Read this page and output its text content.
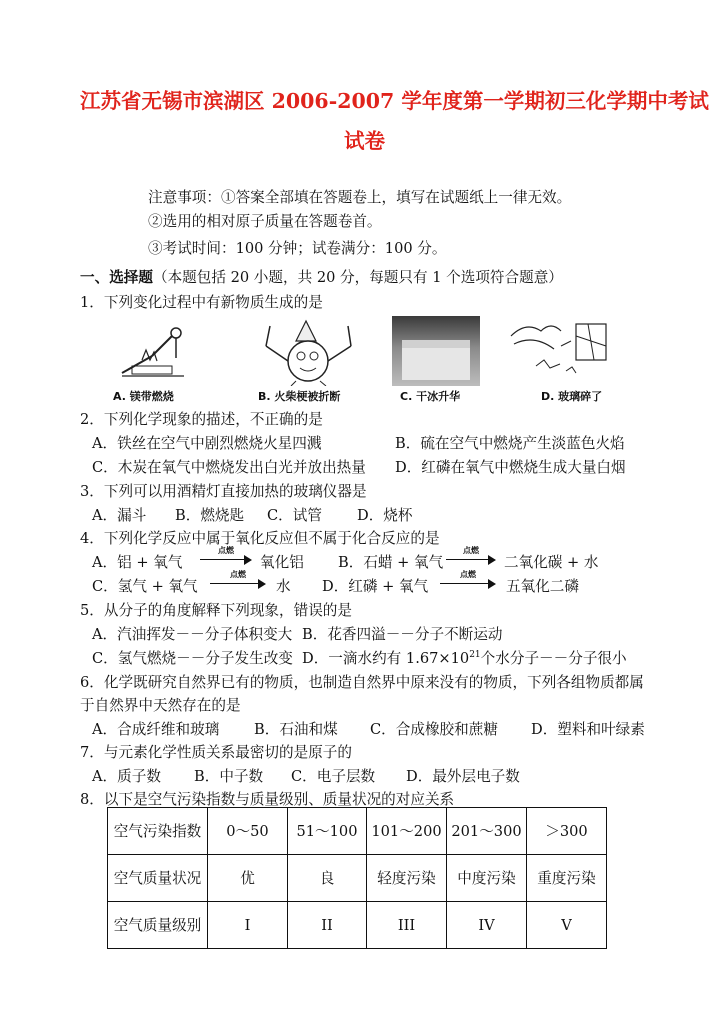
江苏省无锡市滨湖区 2006-2007 学年度第一学期初三化学期中考试
试卷
注意事项：①答案全部填在答题卷上，填写在试题纸上一律无效。
②选用的相对原子质量在答题卷首。
③考试时间：100 分钟；试卷满分：100 分。
一、选择题（本题包括 20 小题，共 20 分，每题只有 1 个选项符合题意）
1．下列变化过程中有新物质生成的是
A. 镁带燃烧	B. 火柴梗被折断	C. 干冰升华	D. 玻璃碎了
2．下列化学现象的描述，不正确的是
A．铁丝在空气中剧烈燃烧火星四溅	B．硫在空气中燃烧产生淡蓝色火焰
C．木炭在氧气中燃烧发出白光并放出热量 D．红磷在氧气中燃烧生成大量白烟
3．下列可以用酒精灯直接加热的玻璃仪器是
A．漏斗 B．燃烧匙 C．试管 D．烧杯
4．下列化学反应中属于氧化反应但不属于化合反应的是
A．铝 + 氧气
点燃
氧化铝 B．石蜡 + 氧气
点燃
二氧化碳 + 水
C．氢气 + 氧气
点燃
水 D．红磷 + 氧气
点燃
五氧化二磷
5．从分子的角度解释下列现象，错误的是
A．汽油挥发－－分子体积变大 B．花香四溢－－分子不断运动
C．氢气燃烧－－分子发生改变 D．一滴水约有 $1.67\times 10^{21}$个水分子－－分子很小
6．化学既研究自然界已有的物质，也制造自然界中原来没有的物质，下列各组物质都属
于自然界中天然存在的是
A．合成纤维和玻璃 B．石油和煤 C．合成橡胶和蔗糖 D．塑料和叶绿素
7．与元素化学性质关系最密切的是原子的
A．质子数 B．中子数 C．电子层数 D．最外层电子数
8．以下是空气污染指数与质量级别、质量状况的对应关系
空气污染指数	0～50	51～100	101～200	201～300	＞300
空气质量状况	优	良	轻度污染	中度污染	重度污染
空气质量级别	I	II	III	IV	V
